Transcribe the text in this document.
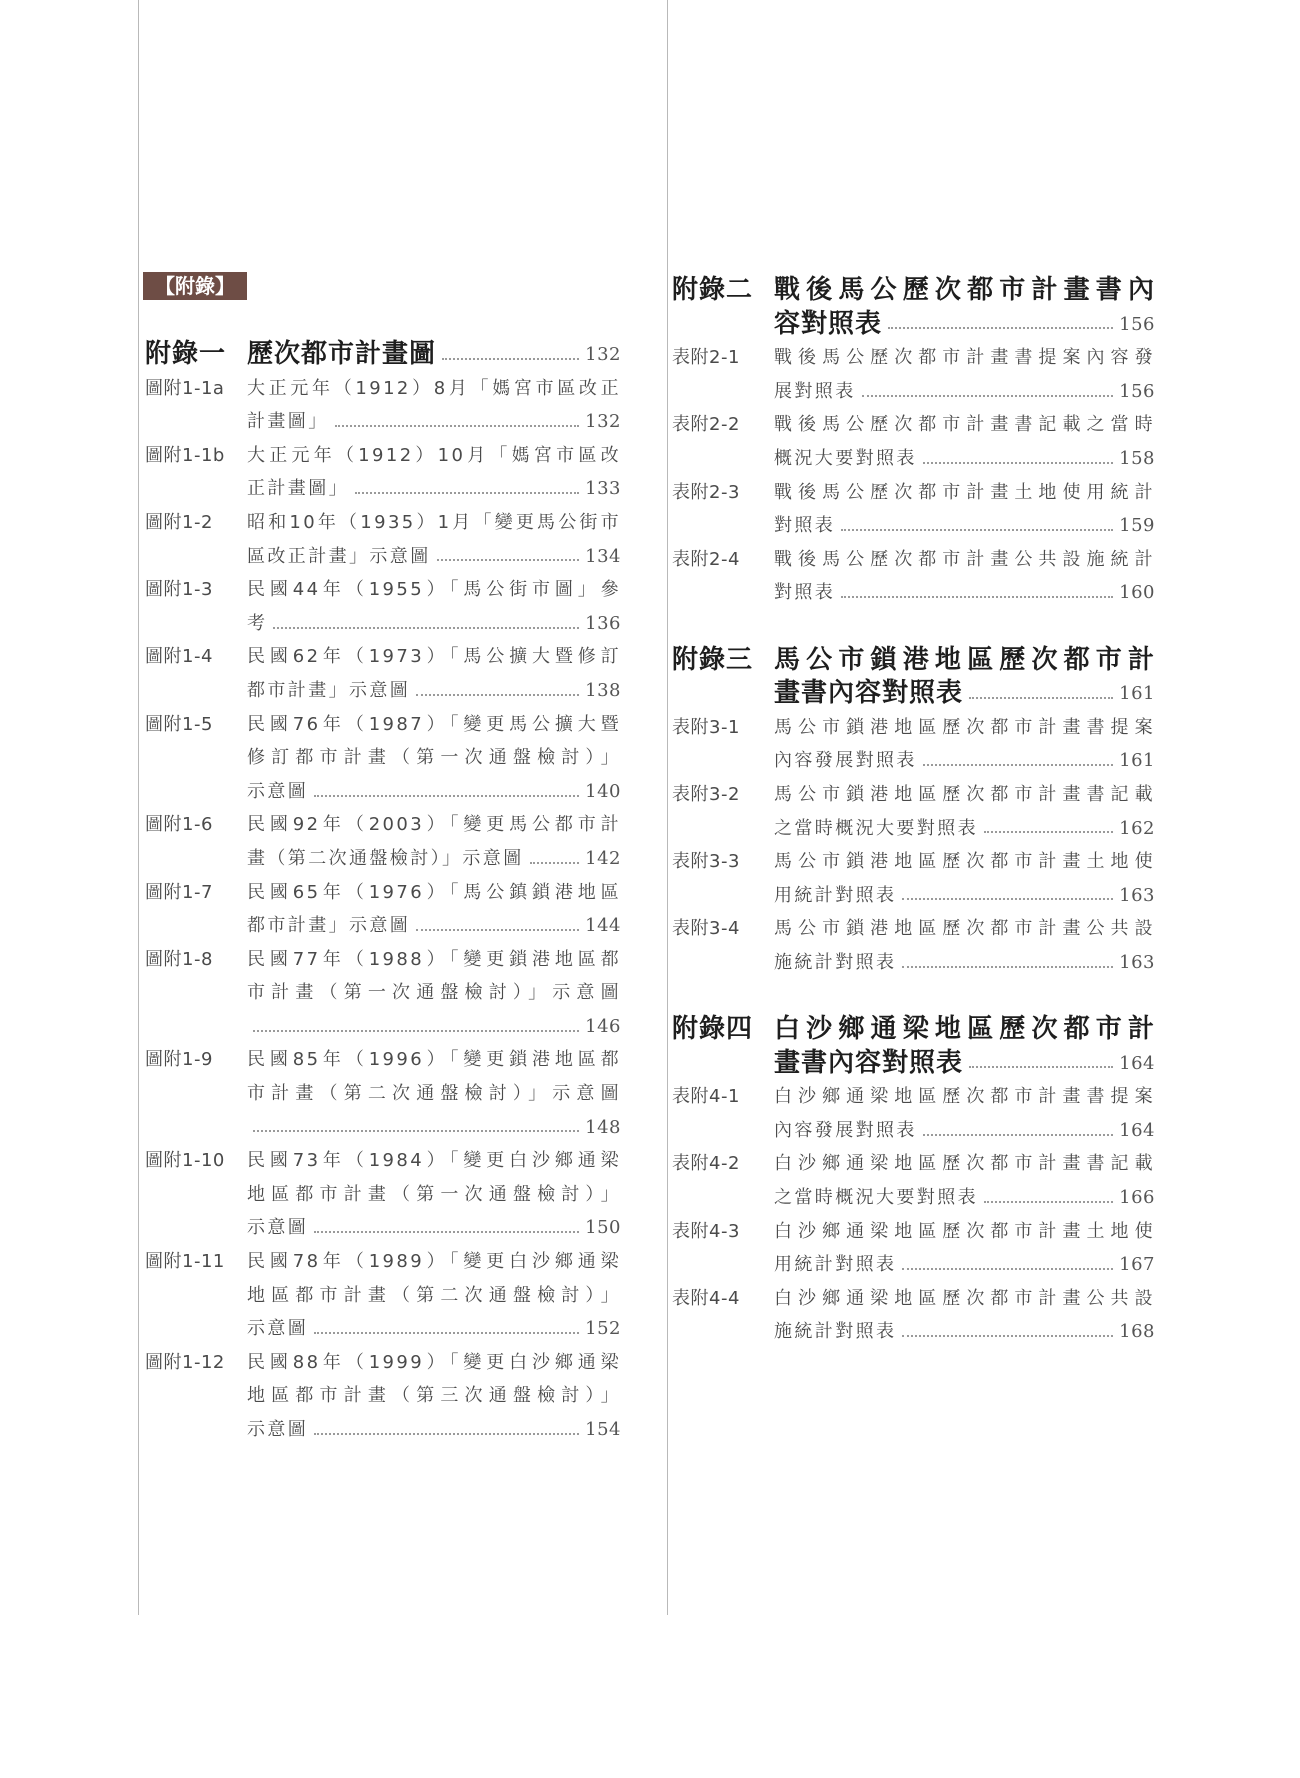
【附錄】
附錄一 歷次都市計畫圖	132
圖附1-1a	大正元年（1912）8月「媽宮市區改正
計畫圖」	132
圖附1-1b	大正元年（1912）10月「媽宮市區改
正計畫圖」	133
圖附1-2	昭和10年（1935）1月「變更馬公街市
區改正計畫」示意圖	134
圖附1-3	民國44年（1955）「馬公街市圖」參
考	136
圖附1-4	民國62年（1973）「馬公擴大暨修訂
都市計畫」示意圖	138
圖附1-5	民國76年（1987）「變更馬公擴大暨
修訂都市計畫（第一次通盤檢討）」
示意圖	140
圖附1-6	民國92年（2003）「變更馬公都市計
畫（第二次通盤檢討）」示意圖	142
圖附1-7	民國65年（1976）「馬公鎮鎖港地區
都市計畫」示意圖	144
圖附1-8	民國77年（1988）「變更鎖港地區都
市計畫（第一次通盤檢討）」示意圖
146
圖附1-9	民國85年（1996）「變更鎖港地區都
市計畫（第二次通盤檢討）」示意圖
148
圖附1-10	民國73年（1984）「變更白沙鄉通梁
地區都市計畫（第一次通盤檢討）」
示意圖	150
圖附1-11	民國78年（1989）「變更白沙鄉通梁
地區都市計畫（第二次通盤檢討）」
示意圖	152
圖附1-12	民國88年（1999）「變更白沙鄉通梁
地區都市計畫（第三次通盤檢討）」
示意圖	154
附錄二 戰後馬公歷次都市計畫書內
容對照表	156
表附2-1	戰後馬公歷次都市計畫書提案內容發
展對照表	156
表附2-2	戰後馬公歷次都市計畫書記載之當時
概況大要對照表	158
表附2-3	戰後馬公歷次都市計畫土地使用統計
對照表	159
表附2-4	戰後馬公歷次都市計畫公共設施統計
對照表	160
附錄三 馬公市鎖港地區歷次都市計
畫書內容對照表	161
表附3-1	馬公市鎖港地區歷次都市計畫書提案
內容發展對照表	161
表附3-2	馬公市鎖港地區歷次都市計畫書記載
之當時概況大要對照表	162
表附3-3	馬公市鎖港地區歷次都市計畫土地使
用統計對照表	163
表附3-4	馬公市鎖港地區歷次都市計畫公共設
施統計對照表	163
附錄四 白沙鄉通梁地區歷次都市計
畫書內容對照表	164
表附4-1	白沙鄉通梁地區歷次都市計畫書提案
內容發展對照表	164
表附4-2	白沙鄉通梁地區歷次都市計畫書記載
之當時概況大要對照表	166
表附4-3	白沙鄉通梁地區歷次都市計畫土地使
用統計對照表	167
表附4-4	白沙鄉通梁地區歷次都市計畫公共設
施統計對照表	168
